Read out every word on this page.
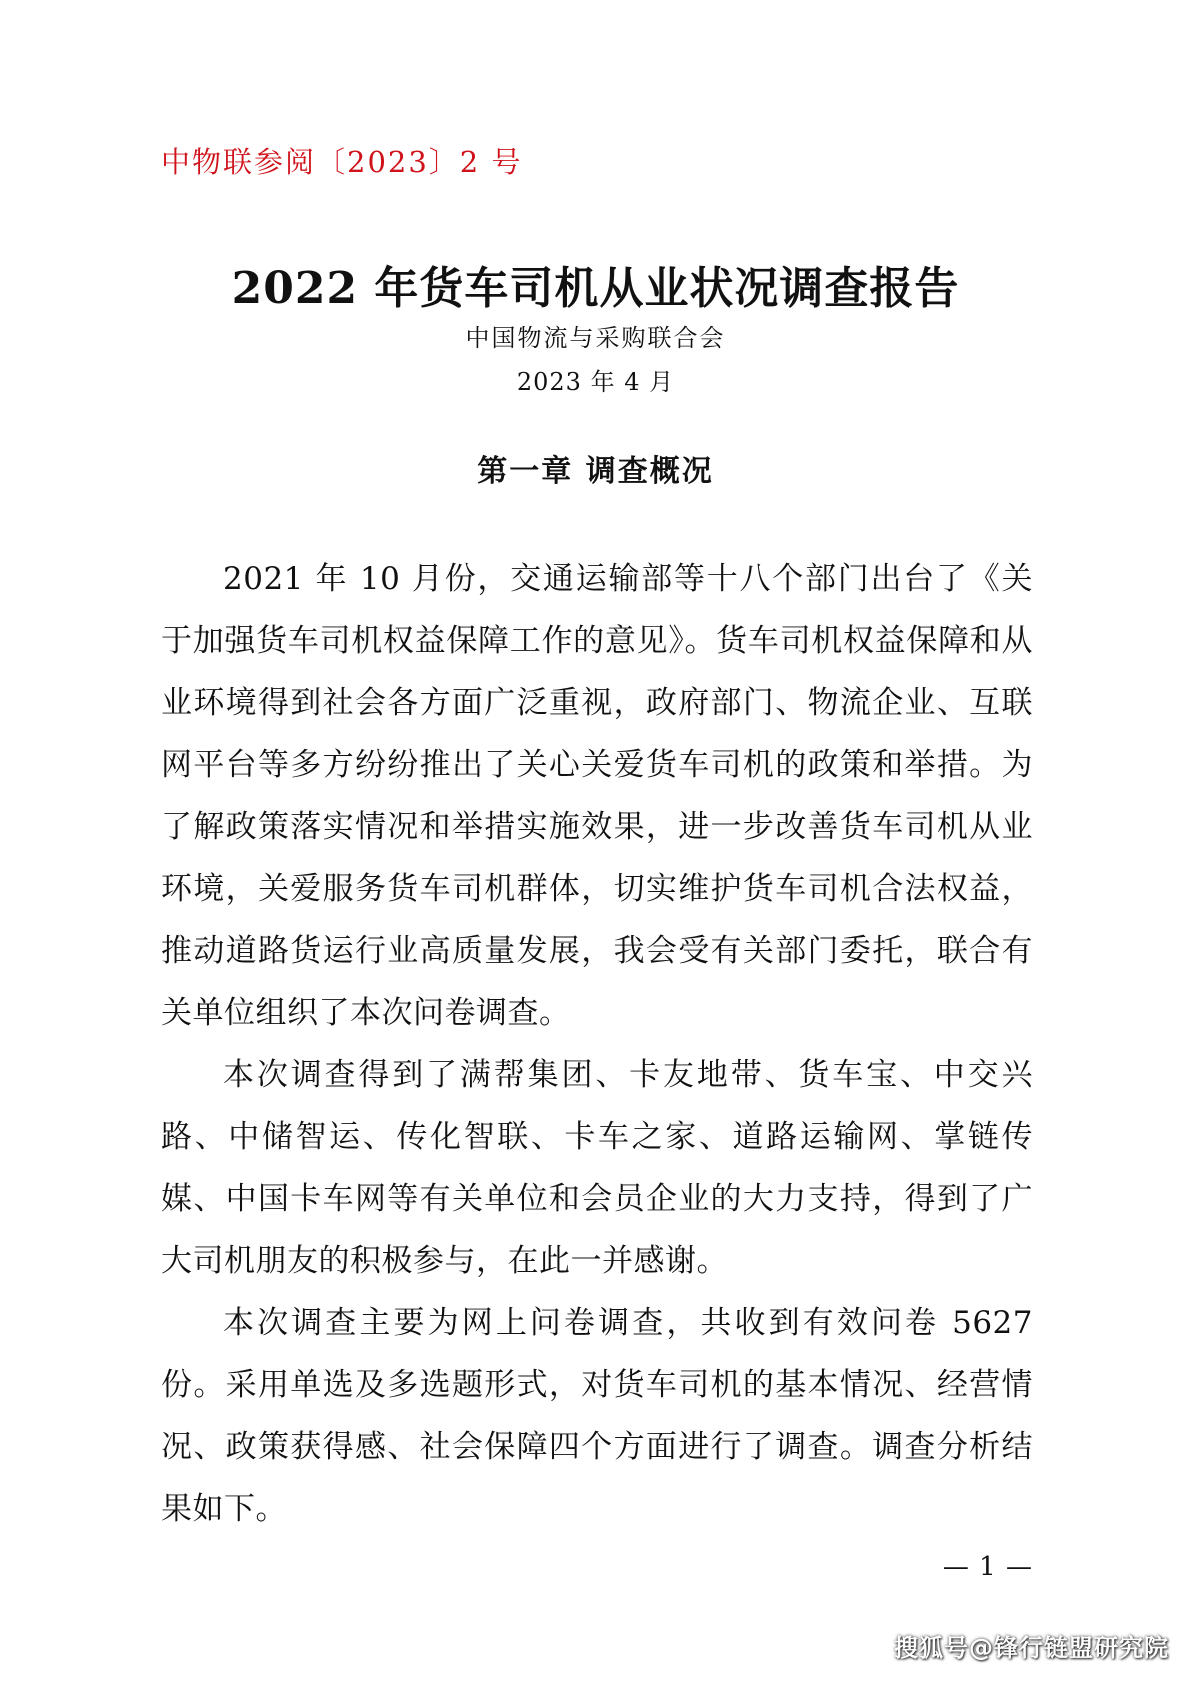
中物联参阅〔2023〕2 号
2022 年货车司机从业状况调查报告
中国物流与采购联合会
2023 年 4 月
第一章 调查概况

2021 年 10 月份，交通运输部等十八个部门出台了《关于加强货车司机权益保障工作的意见》。货车司机权益保障和从业环境得到社会各方面广泛重视，政府部门、物流企业、互联网平台等多方纷纷推出了关心关爱货车司机的政策和举措。为了解政策落实情况和举措实施效果，进一步改善货车司机从业环境，关爱服务货车司机群体，切实维护货车司机合法权益，推动道路货运行业高质量发展，我会受有关部门委托，联合有关单位组织了本次问卷调查。

本次调查得到了满帮集团、卡友地带、货车宝、中交兴路、中储智运、传化智联、卡车之家、道路运输网、掌链传媒、中国卡车网等有关单位和会员企业的大力支持，得到了广大司机朋友的积极参与，在此一并感谢。

本次调查主要为网上问卷调查，共收到有效问卷 5627 份。采用单选及多选题形式，对货车司机的基本情况、经营情况、政策获得感、社会保障四个方面进行了调查。调查分析结果如下。

— 1 —
搜狐号@锋行链盟研究院
